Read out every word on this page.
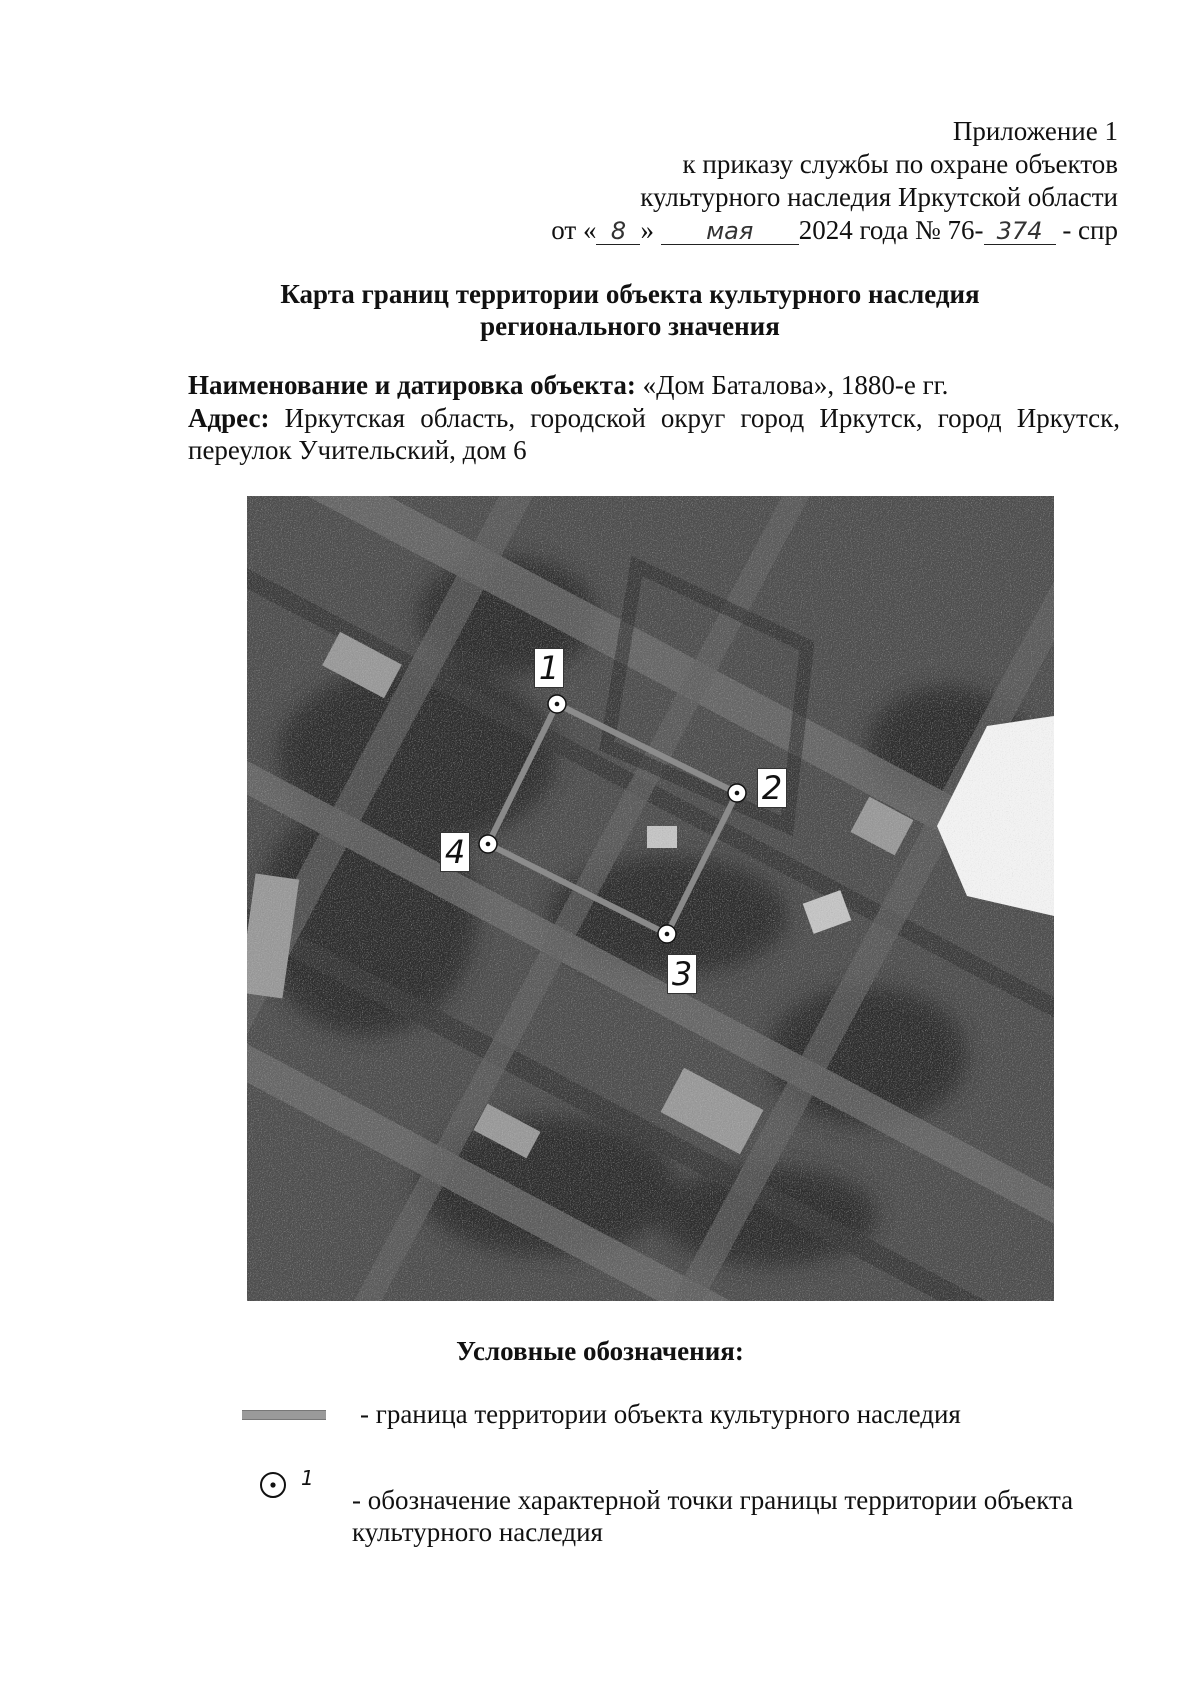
Приложение 1
к приказу службы по охране объектов
культурного наследия Иркутской области
от « 8 » мая 2024 года № 76- 374 - спр
Карта границ территории объекта культурного наследия
регионального значения
Наименование и датировка объекта: «Дом Баталова», 1880-е гг.
Адрес: Иркутская область, городской округ город Иркутск, город Иркутск, переулок Учительский, дом 6
1
2
3
4
Условные обозначения:
- граница территории объекта культурного наследия
1
- обозначение характерной точки границы территории объекта
культурного наследия
